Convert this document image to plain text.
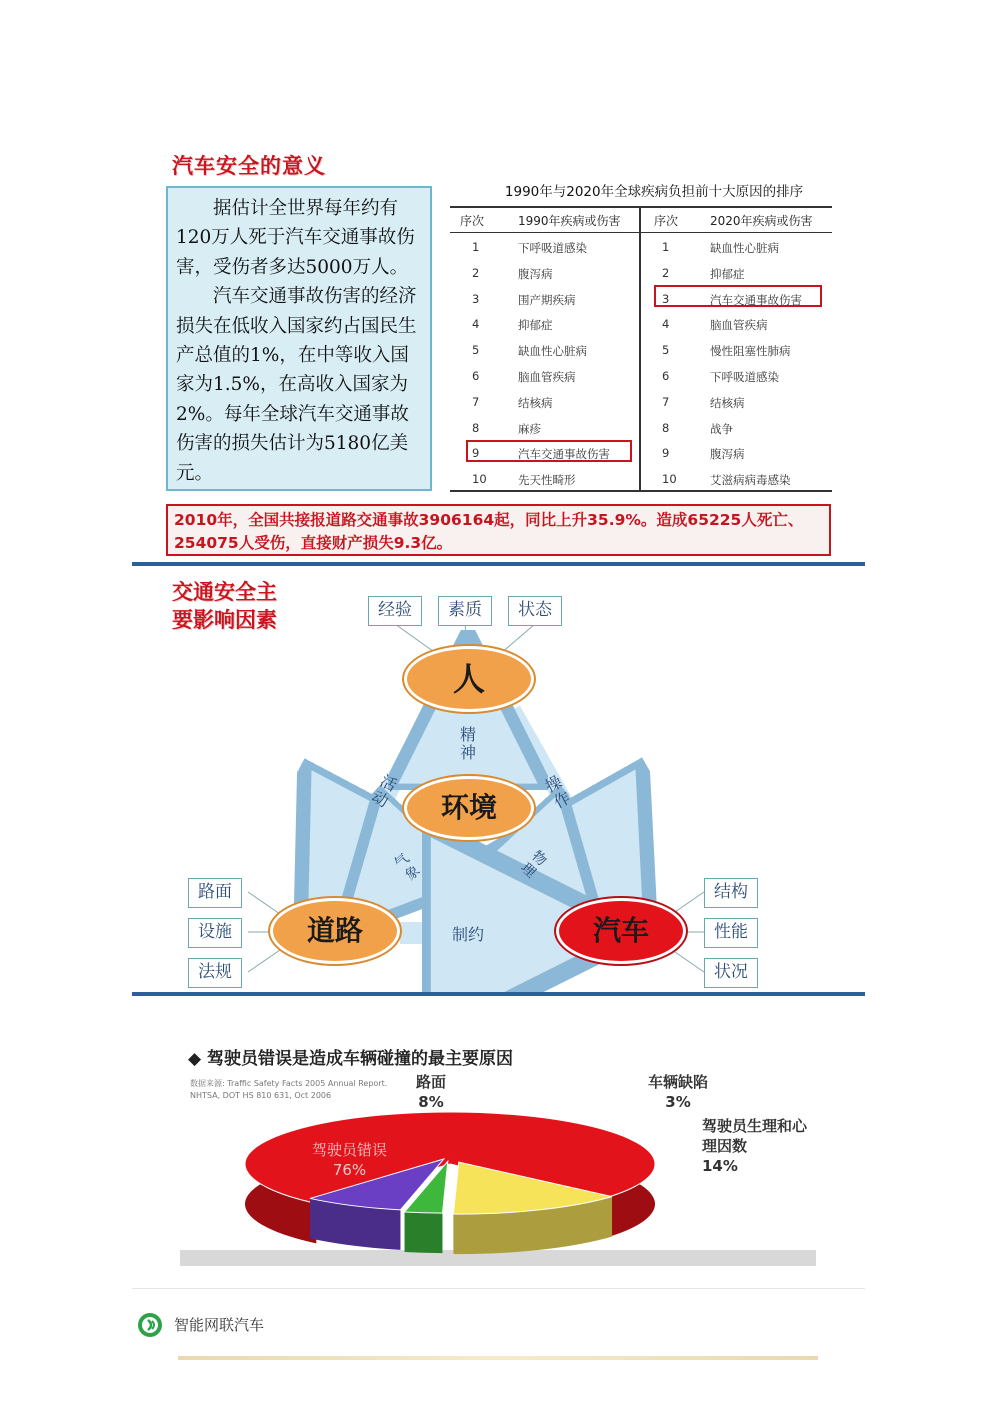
汽车安全的意义

据估计全世界每年约有120万人死于汽车交通事故伤害，受伤者多达5000万人。

汽车交通事故伤害的经济损失在低收入国家约占国民生产总值的1%，在中等收入国家为1.5%，在高收入国家为2%。每年全球汽车交通事故伤害的损失估计为5180亿美元。

1990年与2020年全球疾病负担前十大原因的排序
序次	1990年疾病或伤害	序次	2020年疾病或伤害
1	下呼吸道感染	1	缺血性心脏病
2	腹泻病	2	抑郁症
3	围产期疾病	3	汽车交通事故伤害
4	抑郁症	4	脑血管疾病
5	缺血性心脏病	5	慢性阻塞性肺病
6	脑血管疾病	6	下呼吸道感染
7	结核病	7	结核病
8	麻疹	8	战争
9	汽车交通事故伤害	9	腹泻病
10	先天性畸形	10	艾滋病病毒感染
2010年，全国共接报道路交通事故3906164起，同比上升35.9%。造成65225人死亡、254075人受伤，直接财产损失9.3亿。
交通安全主
要影响因素	经验	素质	状态
人
环境
道路	汽车
精神
活动
操作
气象
物理
制约
路面
设施
法规
结构
性能
状况
◆ 驾驶员错误是造成车辆碰撞的最主要原因
数据来源: Traffic Safety Facts 2005 Annual Report. NHTSA, DOT HS 810 631, Oct 2006
路面
8%
车辆缺陷
3%
驾驶员生理和心理因数
14%
驾驶员错误
76%
智能网联汽车
